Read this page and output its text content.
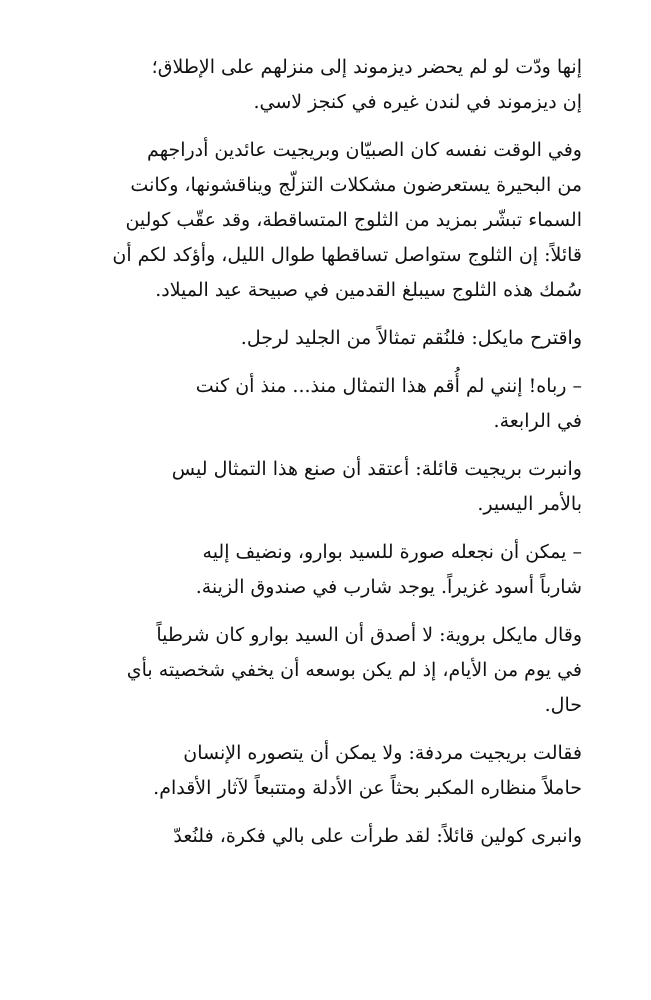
إنها ودّت لو لم يحضر ديزموند إلى منزلهم على الإطلاق؛
إن ديزموند في لندن غيره في كنجز لاسي.

وفي الوقت نفسه كان الصبيّان وبريجيت عائدين أدراجهم
من البحيرة يستعرضون مشكلات التزلّج ويناقشونها، وكانت
السماء تبشّر بمزيد من الثلوج المتساقطة، وقد عقّب كولين
قائلاً: إن الثلوج ستواصل تساقطها طوال الليل، وأؤكد لكم أن
سُمك هذه الثلوج سيبلغ القدمين في صبيحة عيد الميلاد.

واقترح مايكل: فلنُقم تمثالاً من الجليد لرجل.

– رباه! إنني لم أُقم هذا التمثال منذ... منذ أن كنت
في الرابعة.

وانبرت بريجيت قائلة: أعتقد أن صنع هذا التمثال ليس
بالأمر اليسير.

– يمكن أن نجعله صورة للسيد بوارو، ونضيف إليه
شارباً أسود غزيراً. يوجد شارب في صندوق الزينة.

وقال مايكل بروية: لا أصدق أن السيد بوارو كان شرطياً
في يوم من الأيام، إذ لم يكن بوسعه أن يخفي شخصيته بأي
حال.

فقالت بريجيت مردفة: ولا يمكن أن يتصوره الإنسان
حاملاً منظاره المكبر بحثاً عن الأدلة ومتتبعاً لآثار الأقدام.

وانبرى كولين قائلاً: لقد طرأت على بالي فكرة، فلنُعدّ
